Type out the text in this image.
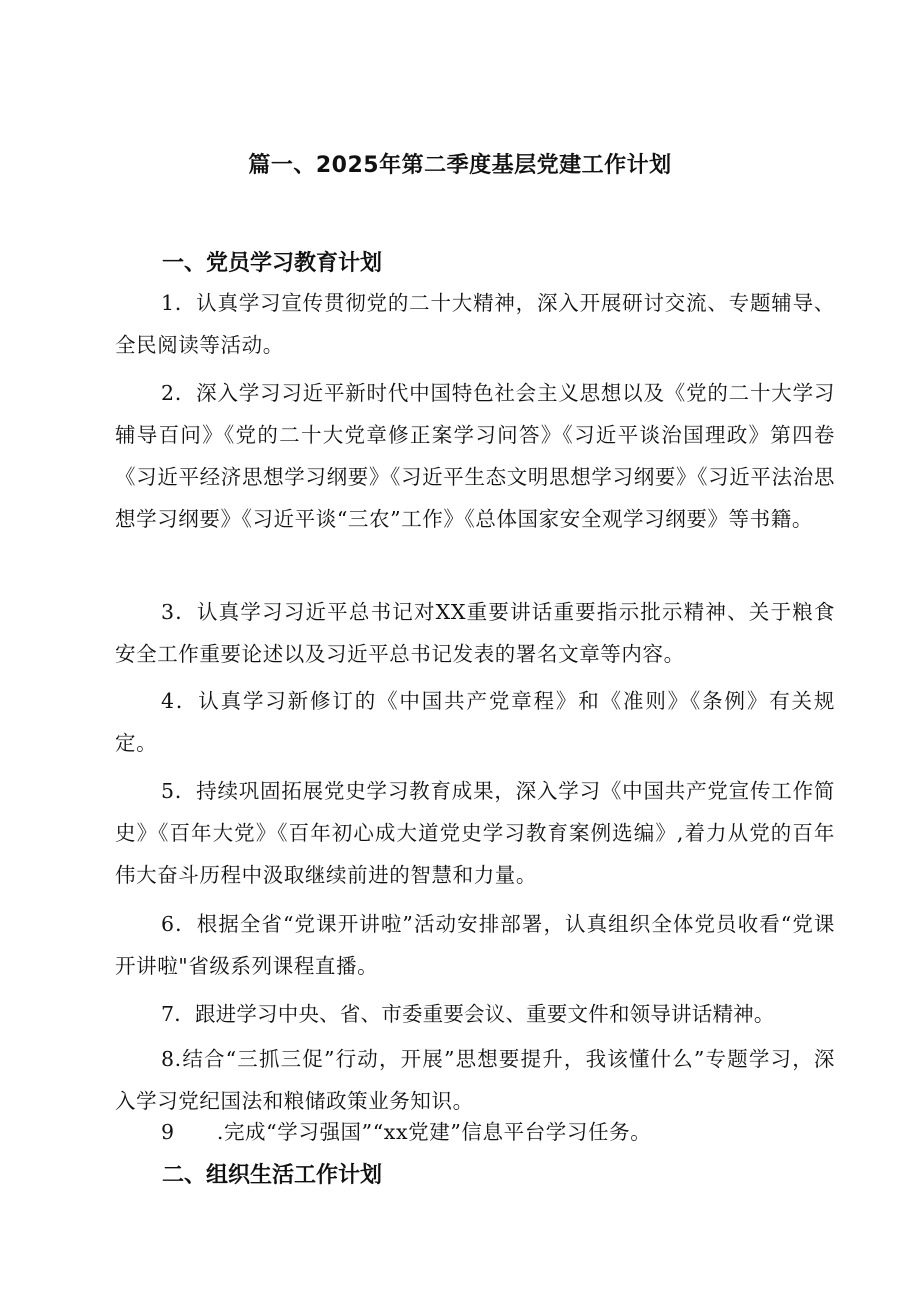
篇一、2025年第二季度基层党建工作计划
一、党员学习教育计划
1．认真学习宣传贯彻党的二十大精神，深入开展研讨交流、专题辅导、全民阅读等活动。
2．深入学习习近平新时代中国特色社会主义思想以及《党的二十大学习辅导百问》《党的二十大党章修正案学习问答》《习近平谈治国理政》第四卷《习近平经济思想学习纲要》《习近平生态文明思想学习纲要》《习近平法治思想学习纲要》《习近平谈“三农”工作》《总体国家安全观学习纲要》等书籍。
3．认真学习习近平总书记对XX重要讲话重要指示批示精神、关于粮食安全工作重要论述以及习近平总书记发表的署名文章等内容。
4．认真学习新修订的《中国共产党章程》和《准则》《条例》有关规定。
5．持续巩固拓展党史学习教育成果，深入学习《中国共产党宣传工作简史》《百年大党》《百年初心成大道党史学习教育案例选编》,着力从党的百年伟大奋斗历程中汲取继续前进的智慧和力量。
6．根据全省“党课开讲啦”活动安排部署，认真组织全体党员收看“党课开讲啦"省级系列课程直播。
7．跟进学习中央、省、市委重要会议、重要文件和领导讲话精神。
8.结合“三抓三促”行动，开展”思想要提升，我该懂什么”专题学习，深入学习党纪国法和粮储政策业务知识。
9　　.完成“学习强国”“xx党建”信息平台学习任务。
二、组织生活工作计划
